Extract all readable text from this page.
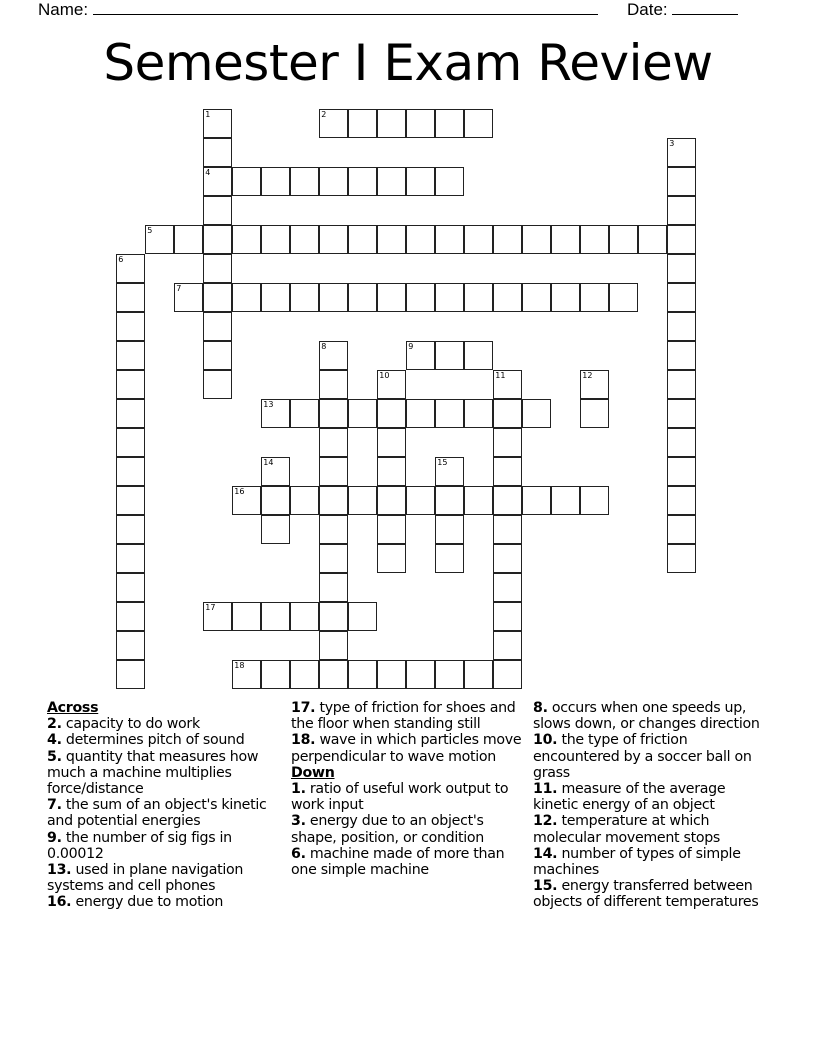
Name:	Date:
Semester I Exam Review
1
4
2
3
5
6
7
8	9
10	11	12
13
14	15
16
17
18
Across
2. capacity to do work
4. determines pitch of sound
5. quantity that measures how much a machine multiplies force/distance
7. the sum of an object's kinetic and potential energies
9. the number of sig figs in 0.00012
13. used in plane navigation systems and cell phones
16. energy due to motion
17. type of friction for shoes and the floor when standing still
18. wave in which particles move perpendicular to wave motion
Down
1. ratio of useful work output to work input
3. energy due to an object's shape, position, or condition
6. machine made of more than one simple machine
8. occurs when one speeds up, slows down, or changes direction
10. the type of friction encountered by a soccer ball on grass
11. measure of the average kinetic energy of an object
12. temperature at which molecular movement stops
14. number of types of simple machines
15. energy transferred between objects of different temperatures
